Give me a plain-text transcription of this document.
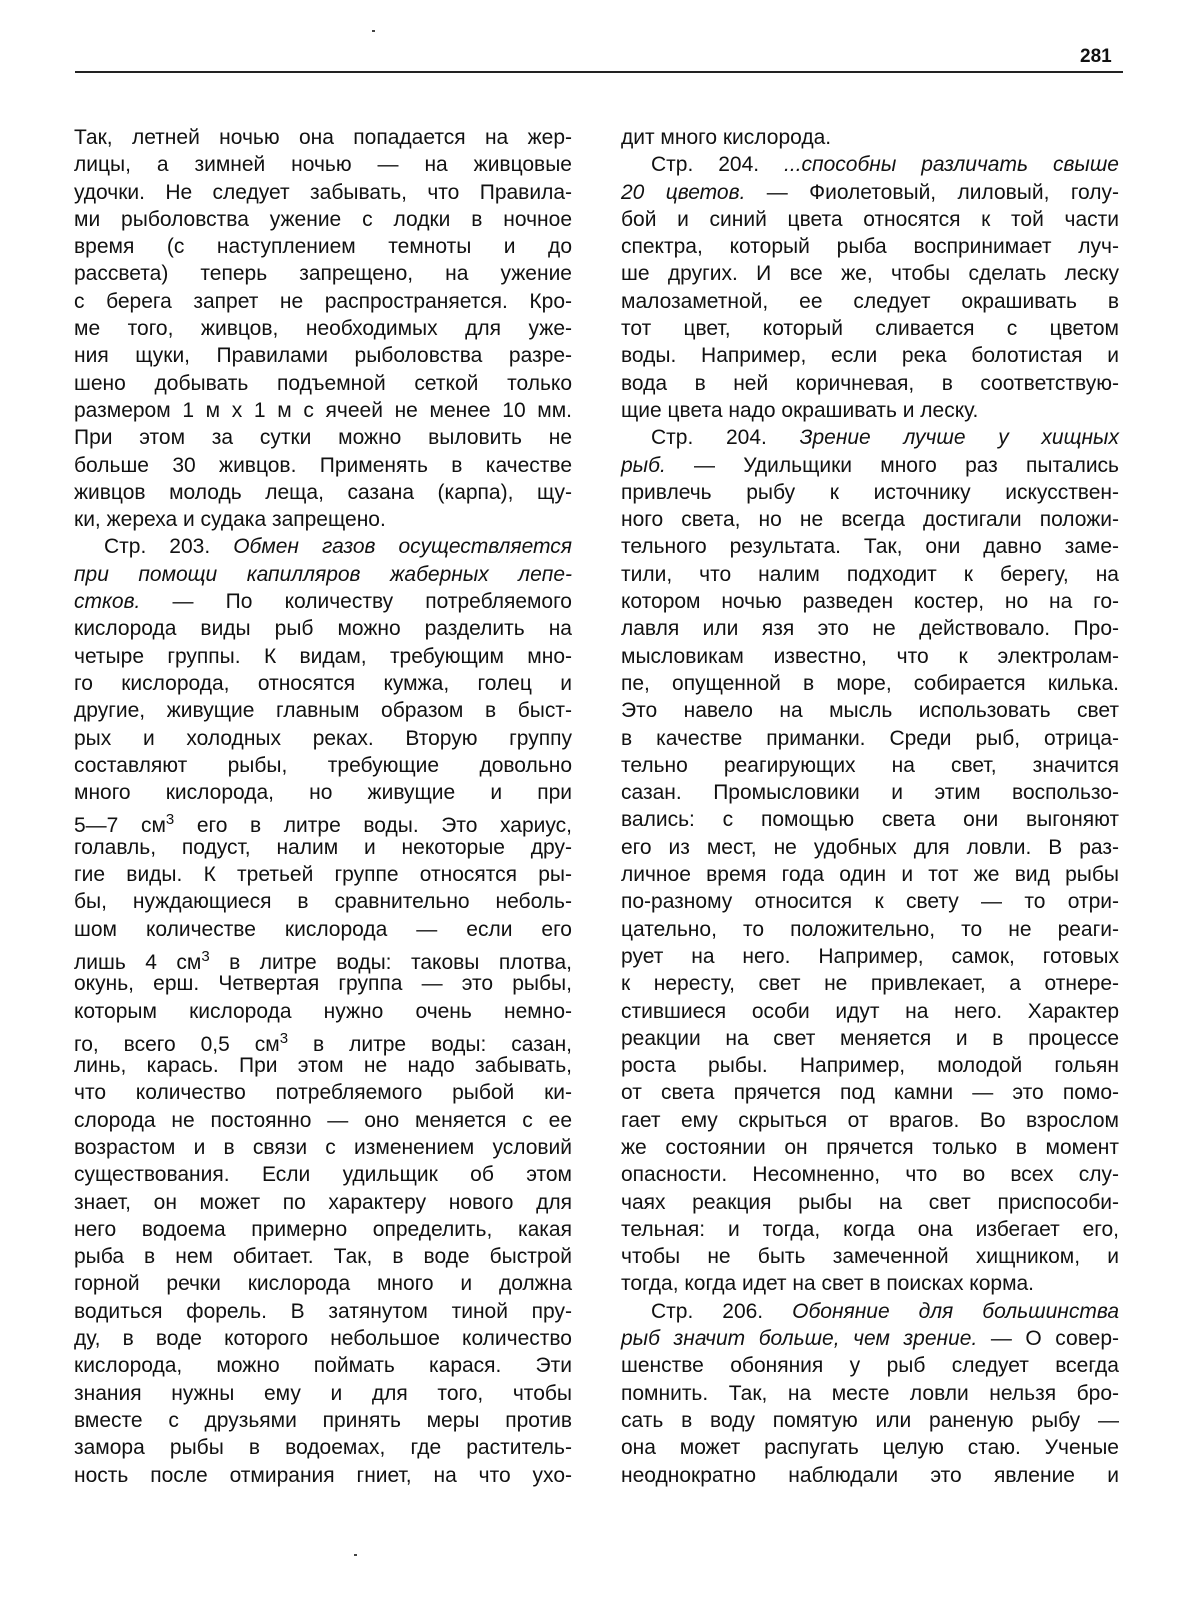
281
Так, летней ночью она попадается на жер-
лицы, а зимней ночью — на живцовые
удочки. Не следует забывать, что Правила-
ми рыболовства ужение с лодки в ночное
время (с наступлением темноты и до
рассвета) теперь запрещено, на ужение
с берега запрет не распространяется. Кро-
ме того, живцов, необходимых для уже-
ния щуки, Правилами рыболовства разре-
шено добывать подъемной сеткой только
размером 1 м х 1 м с ячеей не менее 10 мм.
При этом за сутки можно выловить не
больше 30 живцов. Применять в качестве
живцов молодь леща, сазана (карпа), щу-
ки, жереха и судака запрещено.
Стр. 203. Обмен газов осуществляется
при помощи капилляров жаберных лепе-
стков. — По количеству потребляемого
кислорода виды рыб можно разделить на
четыре группы. К видам, требующим мно-
го кислорода, относятся кумжа, голец и
другие, живущие главным образом в быст-
рых и холодных реках. Вторую группу
составляют рыбы, требующие довольно
много кислорода, но живущие и при
5—7 см3 его в литре воды. Это хариус,
голавль, подуст, налим и некоторые дру-
гие виды. К третьей группе относятся ры-
бы, нуждающиеся в сравнительно неболь-
шом количестве кислорода — если его
лишь 4 см3 в литре воды: таковы плотва,
окунь, ерш. Четвертая группа — это рыбы,
которым кислорода нужно очень немно-
го, всего 0,5 см3 в литре воды: сазан,
линь, карась. При этом не надо забывать,
что количество потребляемого рыбой ки-
слорода не постоянно — оно меняется с ее
возрастом и в связи с изменением условий
существования. Если удильщик об этом
знает, он может по характеру нового для
него водоема примерно определить, какая
рыба в нем обитает. Так, в воде быстрой
горной речки кислорода много и должна
водиться форель. В затянутом тиной пру-
ду, в воде которого небольшое количество
кислорода, можно поймать карася. Эти
знания нужны ему и для того, чтобы
вместе с друзьями принять меры против
замора рыбы в водоемах, где раститель-
ность после отмирания гниет, на что ухо-
дит много кислорода.
Стр. 204. ...способны различать свыше
20 цветов. — Фиолетовый, лиловый, голу-
бой и синий цвета относятся к той части
спектра, который рыба воспринимает луч-
ше других. И все же, чтобы сделать леску
малозаметной, ее следует окрашивать в
тот цвет, который сливается с цветом
воды. Например, если река болотистая и
вода в ней коричневая, в соответствую-
щие цвета надо окрашивать и леску.
Стр. 204. Зрение лучше у хищных
рыб. — Удильщики много раз пытались
привлечь рыбу к источнику искусствен-
ного света, но не всегда достигали положи-
тельного результата. Так, они давно заме-
тили, что налим подходит к берегу, на
котором ночью разведен костер, но на го-
лавля или язя это не действовало. Про-
мысловикам известно, что к электролам-
пе, опущенной в море, собирается килька.
Это навело на мысль использовать свет
в качестве приманки. Среди рыб, отрица-
тельно реагирующих на свет, значится
сазан. Промысловики и этим воспользо-
вались: с помощью света они выгоняют
его из мест, не удобных для ловли. В раз-
личное время года один и тот же вид рыбы
по-разному относится к свету — то отри-
цательно, то положительно, то не реаги-
рует на него. Например, самок, готовых
к нересту, свет не привлекает, а отнере-
стившиеся особи идут на него. Характер
реакции на свет меняется и в процессе
роста рыбы. Например, молодой гольян
от света прячется под камни — это помо-
гает ему скрыться от врагов. Во взрослом
же состоянии он прячется только в момент
опасности. Несомненно, что во всех слу-
чаях реакция рыбы на свет приспособи-
тельная: и тогда, когда она избегает его,
чтобы не быть замеченной хищником, и
тогда, когда идет на свет в поисках корма.
Стр. 206. Обоняние для большинства
рыб значит больше, чем зрение. — О совер-
шенстве обоняния у рыб следует всегда
помнить. Так, на месте ловли нельзя бро-
сать в воду помятую или раненую рыбу —
она может распугать целую стаю. Ученые
неоднократно наблюдали это явление и
